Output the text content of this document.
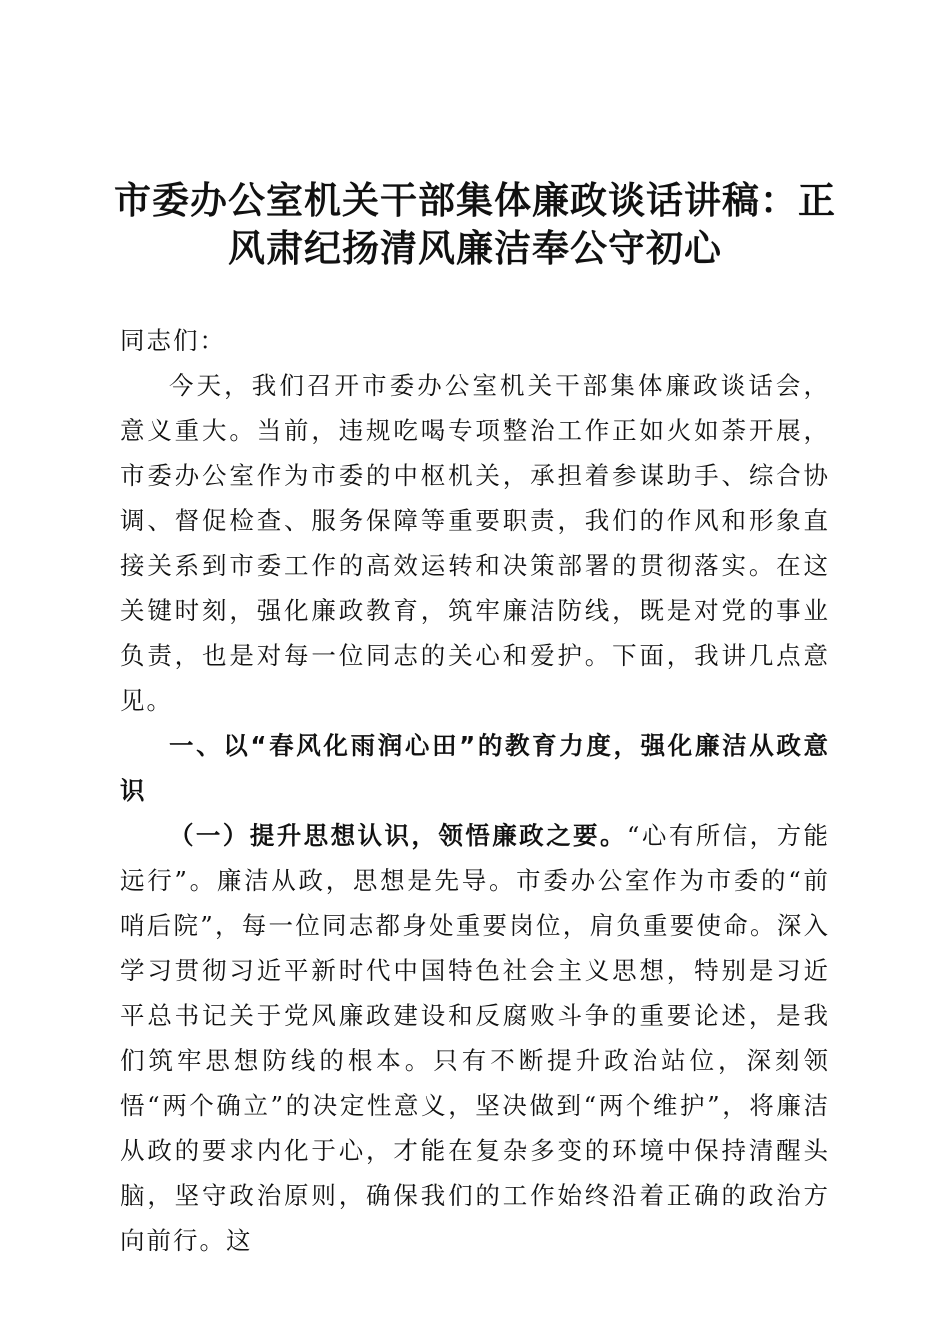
市委办公室机关干部集体廉政谈话讲稿：正风肃纪扬清风廉洁奉公守初心

同志们：

今天，我们召开市委办公室机关干部集体廉政谈话会，意义重大。当前，违规吃喝专项整治工作正如火如荼开展，市委办公室作为市委的中枢机关，承担着参谋助手、综合协调、督促检查、服务保障等重要职责，我们的作风和形象直接关系到市委工作的高效运转和决策部署的贯彻落实。在这关键时刻，强化廉政教育，筑牢廉洁防线，既是对党的事业负责，也是对每一位同志的关心和爱护。下面，我讲几点意见。

一、以“春风化雨润心田”的教育力度，强化廉洁从政意识

（一）提升思想认识，领悟廉政之要。“心有所信，方能远行”。廉洁从政，思想是先导。市委办公室作为市委的“前哨后院”，每一位同志都身处重要岗位，肩负重要使命。深入学习贯彻习近平新时代中国特色社会主义思想，特别是习近平总书记关于党风廉政建设和反腐败斗争的重要论述，是我们筑牢思想防线的根本。只有不断提升政治站位，深刻领悟“两个确立”的决定性意义，坚决做到“两个维护”，将廉洁从政的要求内化于心，才能在复杂多变的环境中保持清醒头脑，坚守政治原则，确保我们的工作始终沿着正确的政治方向前行。这
